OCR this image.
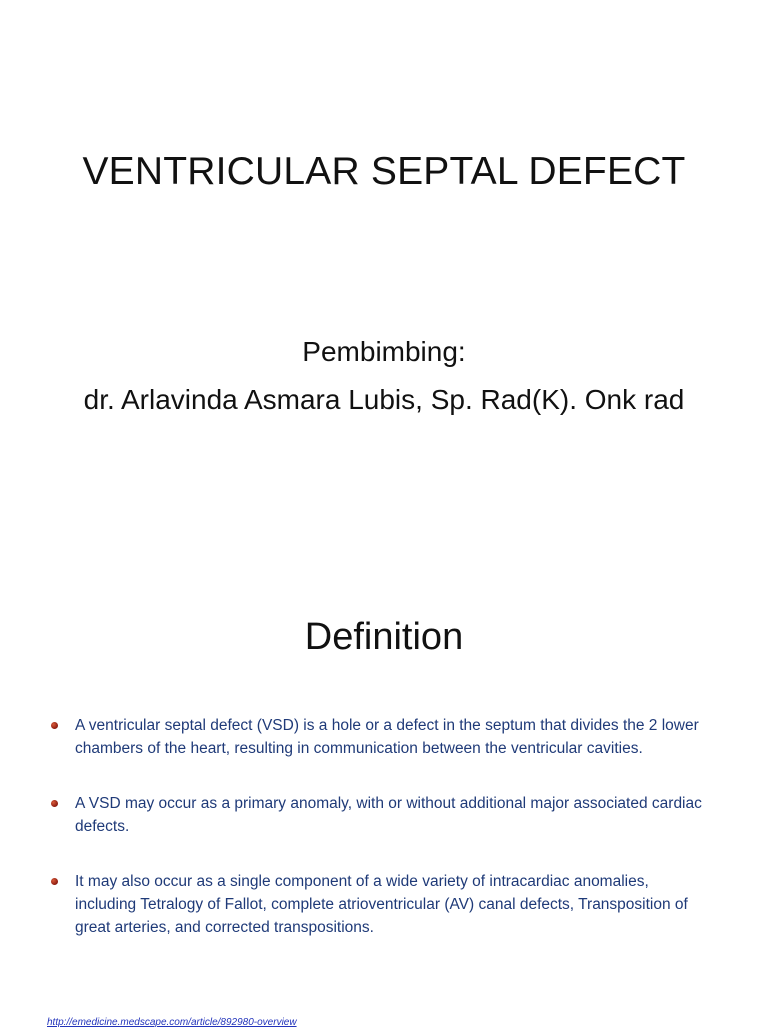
VENTRICULAR SEPTAL DEFECT
Pembimbing:
dr. Arlavinda Asmara Lubis, Sp. Rad(K). Onk rad
Definition
A ventricular septal defect (VSD) is a hole or a defect in the septum that divides the 2 lower chambers of the heart, resulting in communication between the ventricular cavities.
A VSD may occur as a primary anomaly, with or without additional major associated cardiac defects.
It may also occur as a single component of a wide variety of intracardiac anomalies, including Tetralogy of Fallot, complete atrioventricular (AV) canal defects, Transposition of great arteries, and corrected transpositions.
http://emedicine.medscape.com/article/892980-overview
